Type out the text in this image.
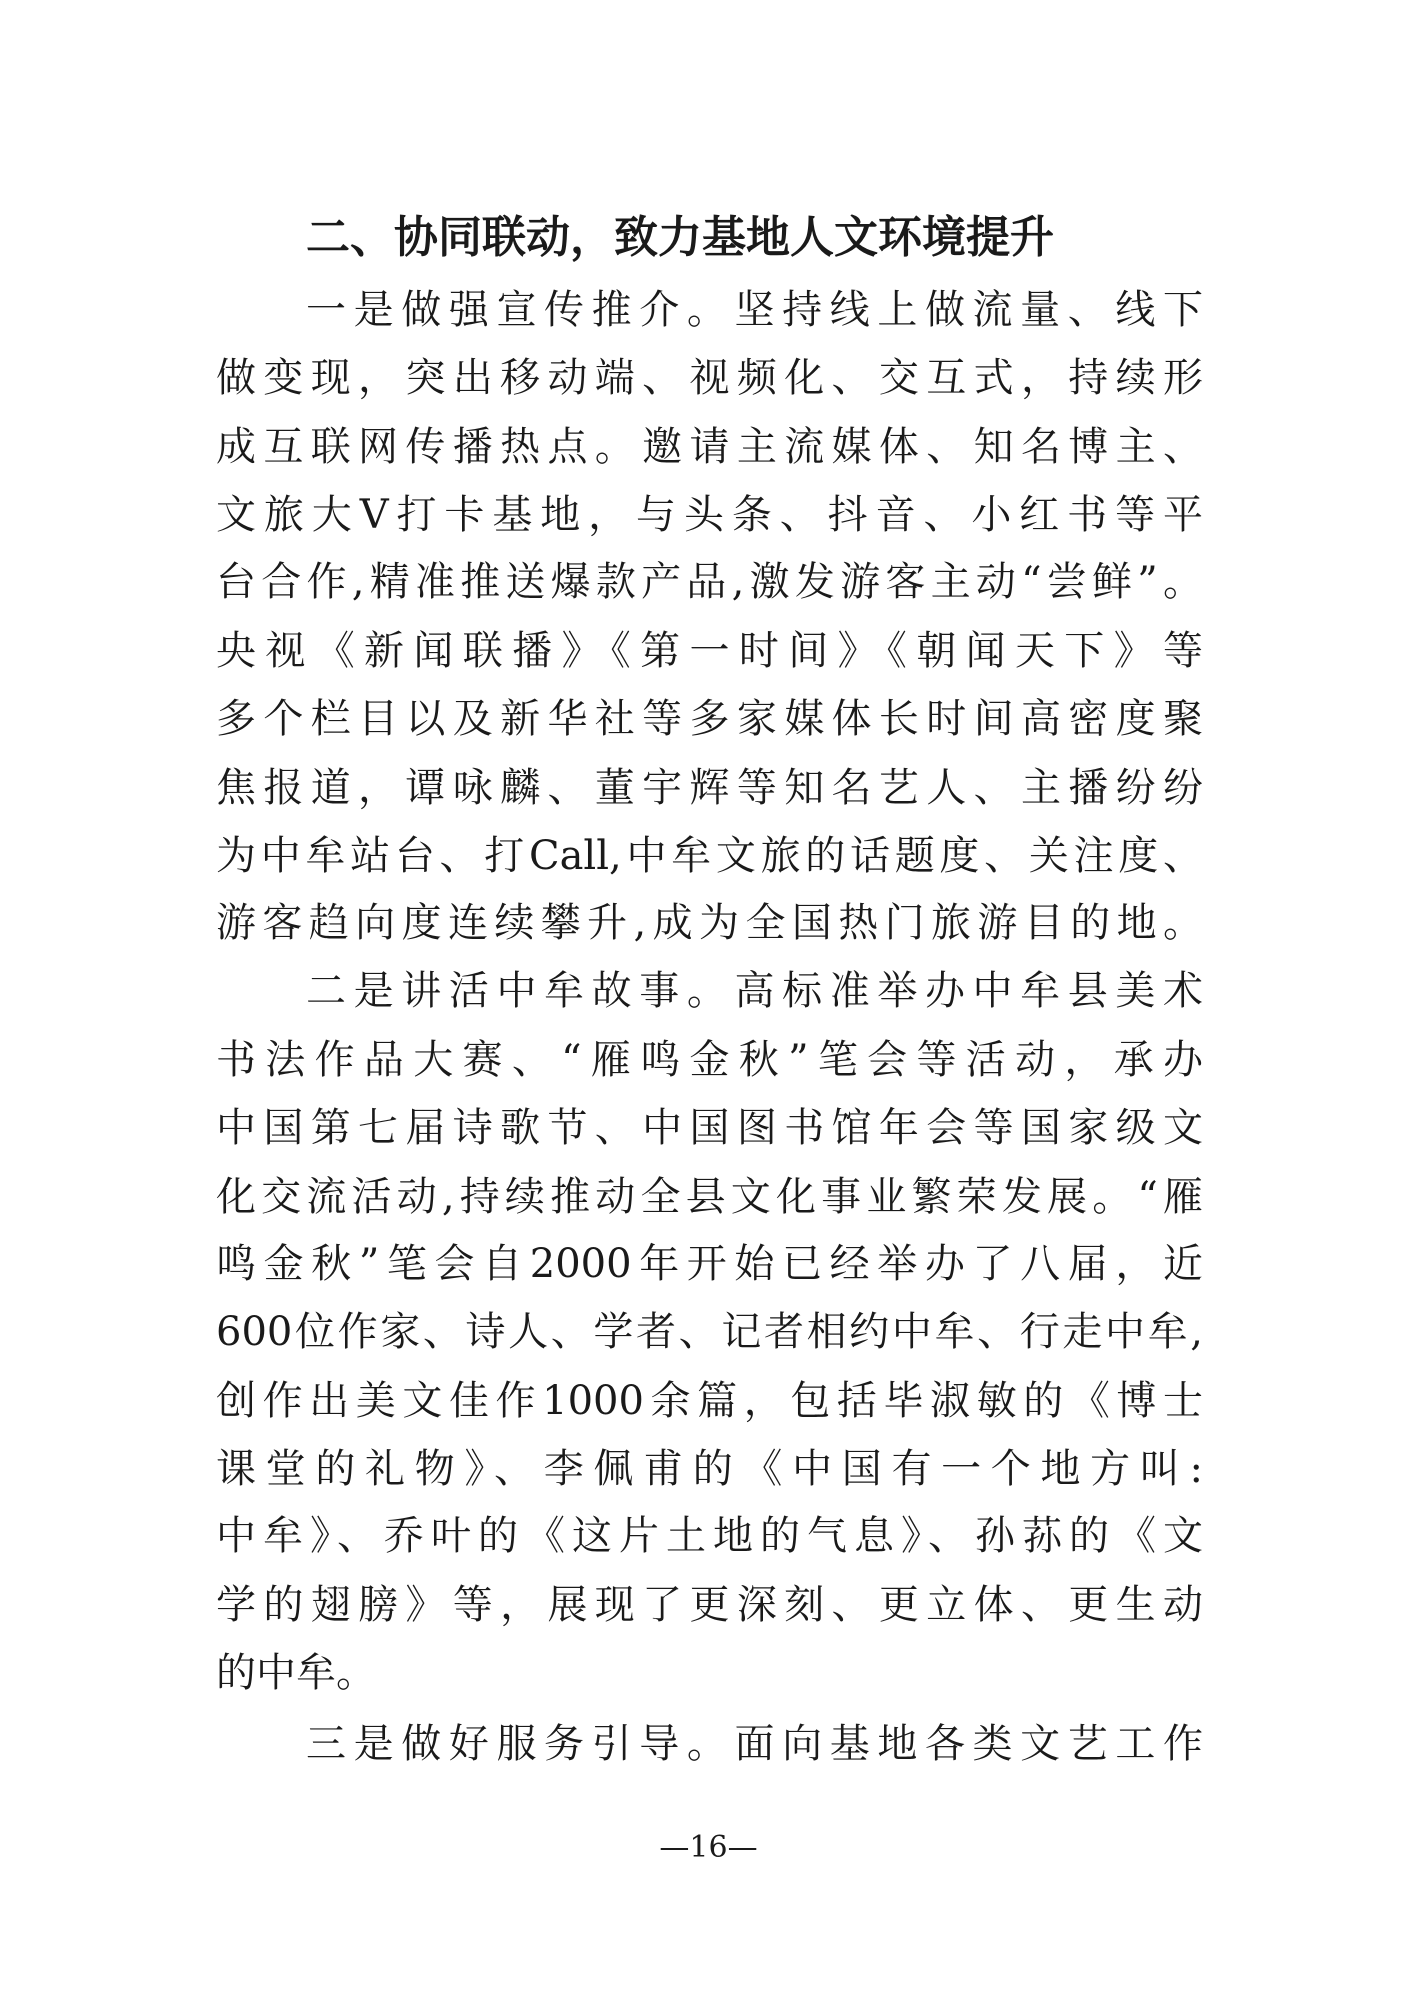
二、协同联动，致力基地人文环境提升
一是做强宣传推介。坚持线上做流量、线下
做变现，突出移动端、视频化、交互式，持续形
成互联网传播热点。邀请主流媒体、知名博主、
文旅大V打卡基地，与头条、抖音、小红书等平
台合作,精准推送爆款产品,激发游客主动“尝鲜”。
央视《新闻联播》《第一时间》《朝闻天下》等
多个栏目以及新华社等多家媒体长时间高密度聚
焦报道，谭咏麟、董宇辉等知名艺人、主播纷纷
为中牟站台、打Call,中牟文旅的话题度、关注度、
游客趋向度连续攀升,成为全国热门旅游目的地。
二是讲活中牟故事。高标准举办中牟县美术
书法作品大赛、“雁鸣金秋”笔会等活动，承办
中国第七届诗歌节、中国图书馆年会等国家级文
化交流活动,持续推动全县文化事业繁荣发展。“雁
鸣金秋”笔会自2000年开始已经举办了八届，近
600位作家、诗人、学者、记者相约中牟、行走中牟,
创作出美文佳作1000余篇，包括毕淑敏的《博士
课堂的礼物》、李佩甫的《中国有一个地方叫:
中牟》、乔叶的《这片土地的气息》、孙荪的《文
学的翅膀》等，展现了更深刻、更立体、更生动
的中牟。
三是做好服务引导。面向基地各类文艺工作
—16—
